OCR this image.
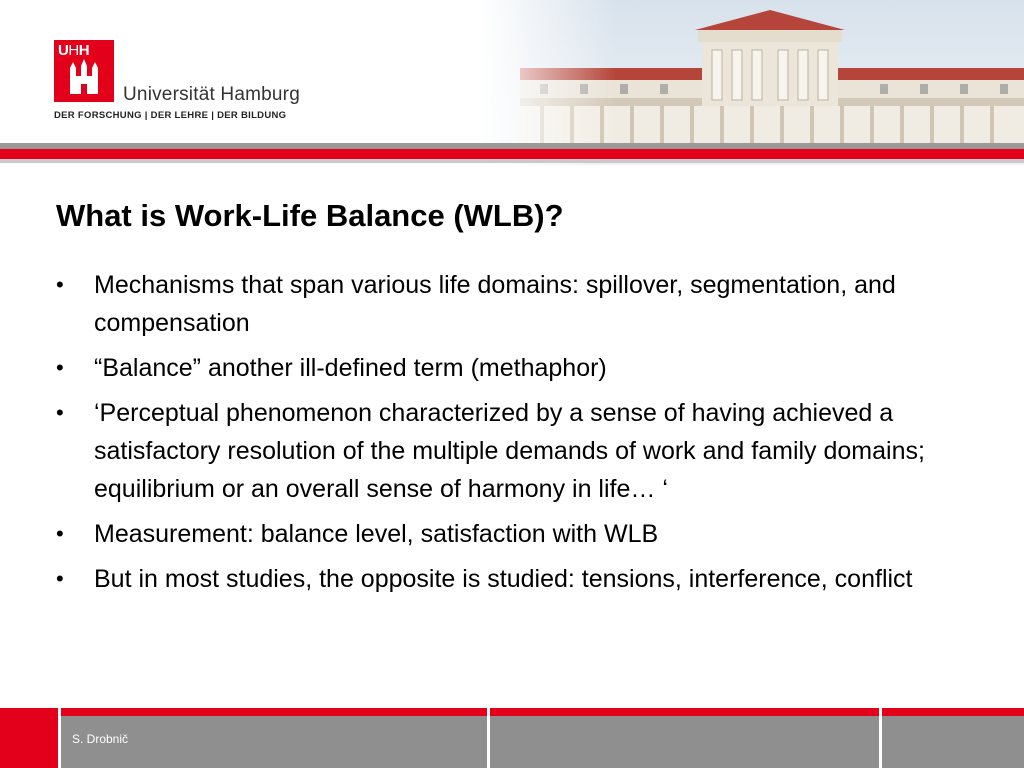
UHH
Universität Hamburg
DER FORSCHUNG | DER LEHRE | DER BILDUNG
What is Work-Life Balance (WLB)?
•	Mechanisms that span various life domains: spillover, segmentation, and compensation
•	“Balance” another ill-defined term (methaphor)
•	‘Perceptual phenomenon characterized by a sense of having achieved a satisfactory resolution of the multiple demands of work and family domains; equilibrium or an overall sense of harmony in life… ‘
•	Measurement: balance level, satisfaction with WLB
•	But in most studies, the opposite is studied: tensions, interference, conflict
S. Drobnič
